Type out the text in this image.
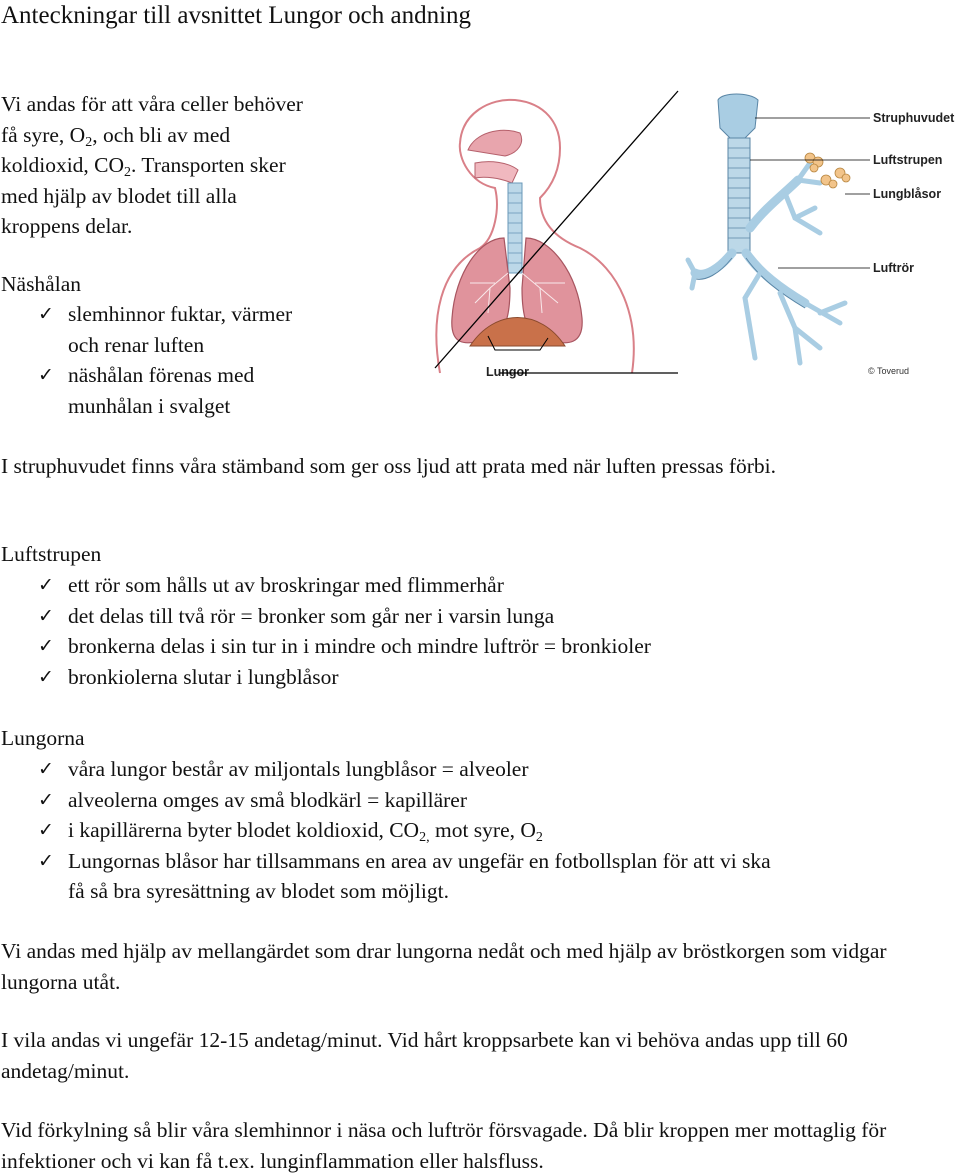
Anteckningar till avsnittet Lungor och andning
Vi andas för att våra celler behöver
få syre, $O_2$, och bli av med
koldioxid, $CO_2$. Transporten sker
med hjälp av blodet till alla
kroppens delar.
Näshålan
✓ slemhinnor fuktar, värmer
och renar luften
✓ näshålan förenas med
munhålan i svalget
Lungor
Struphuvudet
Luftstrupen
Lungblåsor
Luftrör
© Toverud
I struphuvudet finns våra stämband som ger oss ljud att prata med när luften pressas förbi.
Luftstrupen
✓ ett rör som hålls ut av broskringar med flimmerhår
✓ det delas till två rör = bronker som går ner i varsin lunga
✓ bronkerna delas i sin tur in i mindre och mindre luftrör = bronkioler
✓ bronkiolerna slutar i lungblåsor
Lungorna
✓ våra lungor består av miljontals lungblåsor = alveoler
✓ alveolerna omges av små blodkärl = kapillärer
✓ i kapillärerna byter blodet koldioxid, $CO_{2,}$ mot syre, $O_2$
✓ Lungornas blåsor har tillsammans en area av ungefär en fotbollsplan för att vi ska
få så bra syresättning av blodet som möjligt.
Vi andas med hjälp av mellangärdet som drar lungorna nedåt och med hjälp av bröstkorgen som vidgar lungorna utåt.
I vila andas vi ungefär 12-15 andetag/minut. Vid hårt kroppsarbete kan vi behöva andas upp till 60 andetag/minut.
Vid förkylning så blir våra slemhinnor i näsa och luftrör försvagade. Då blir kroppen mer mottaglig för infektioner och vi kan få t.ex. lunginflammation eller halsfluss.
